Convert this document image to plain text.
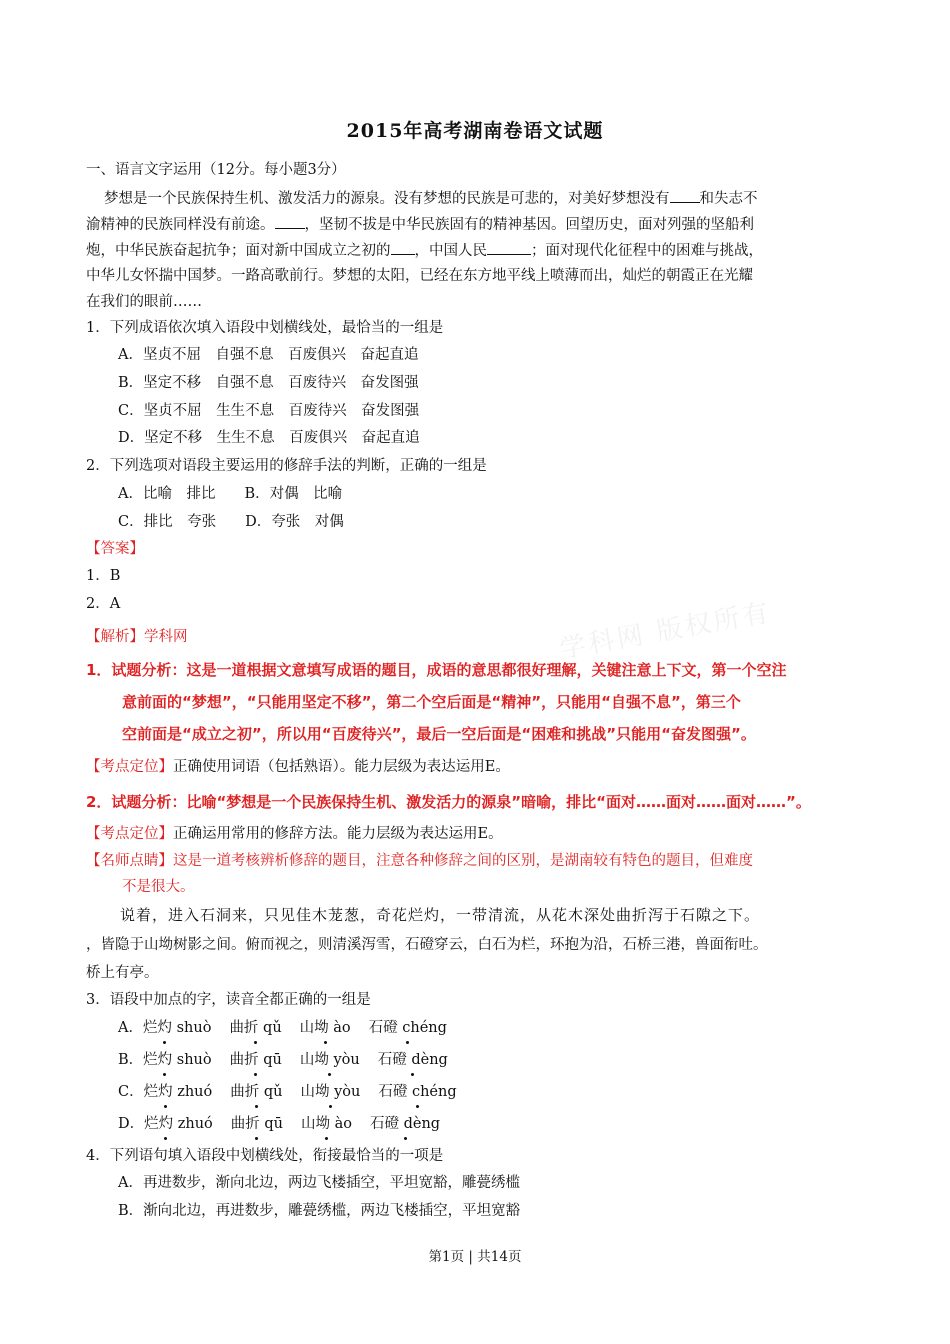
学科网 版权所有
2015年高考湖南卷语文试题
一、语言文字运用（12分。每小题3分）
梦想是一个民族保持生机、激发活力的源泉。没有梦想的民族是可悲的，对美好梦想没有 和失志不
渝精神的民族同样没有前途。 ，坚韧不拔是中华民族固有的精神基因。回望历史，面对列强的坚船利
炮，中华民族奋起抗争；面对新中国成立之初的 ，中国人民	；面对现代化征程中的困难与挑战，
中华儿女怀揣中国梦。一路高歌前行。梦想的太阳，已经在东方地平线上喷薄而出，灿烂的朝霞正在光耀
在我们的眼前……
1．下列成语依次填入语段中划横线处，最恰当的一组是
A．坚贞不屈　自强不息　百废俱兴　奋起直追
B．坚定不移　自强不息　百废待兴　奋发图强
C．坚贞不屈　生生不息　百废待兴　奋发图强
D．坚定不移　生生不息　百废俱兴　奋起直追
2．下列选项对语段主要运用的修辞手法的判断，正确的一组是
A．比喻　排比　　B．对偶　比喻
C．排比　夸张　　D．夸张　对偶
【答案】
1．B
2．A
【解析】学科网
1．试题分析：这是一道根据文意填写成语的题目，成语的意思都很好理解，关键注意上下文，第一个空注
意前面的“梦想”，“只能用坚定不移”，第二个空后面是“精神”，只能用“自强不息”，第三个
空前面是“成立之初”，所以用“百废待兴”，最后一空后面是“困难和挑战”只能用“奋发图强”。
【考点定位】正确使用词语（包括熟语）。能力层级为表达运用E。
2．试题分析：比喻“梦想是一个民族保持生机、激发活力的源泉”暗喻，排比“面对……面对……面对……”。
【考点定位】正确运用常用的修辞方法。能力层级为表达运用E。
【名师点睛】这是一道考核辨析修辞的题目，注意各种修辞之间的区别，是湖南较有特色的题目，但难度
不是很大。
说着，进入石洞来，只见佳木茏葱，奇花烂灼，一带清流，从花木深处曲折泻于石隙之下。
，皆隐于山坳树影之间。俯而视之，则清溪泻雪，石磴穿云，白石为栏，环抱为沿，石桥三港，兽面衔吐。
桥上有亭。
3．语段中加点的字，读音全都正确的一组是
A．烂灼 shuò 曲折 qǔ 山坳 ào 石磴 chéng
B．烂灼 shuò 曲折 qū 山坳 yòu 石磴 dèng
C．烂灼 zhuó 曲折 qǔ 山坳 yòu 石磴 chéng
D．烂灼 zhuó 曲折 qū 山坳 ào 石磴 dèng
4．下列语句填入语段中划横线处，衔接最恰当的一项是
A．再进数步，渐向北边，两边飞楼插空，平坦宽豁，雕甍绣槛
B．渐向北边，再进数步，雕甍绣槛，两边飞楼插空，平坦宽豁
第1页 | 共14页
